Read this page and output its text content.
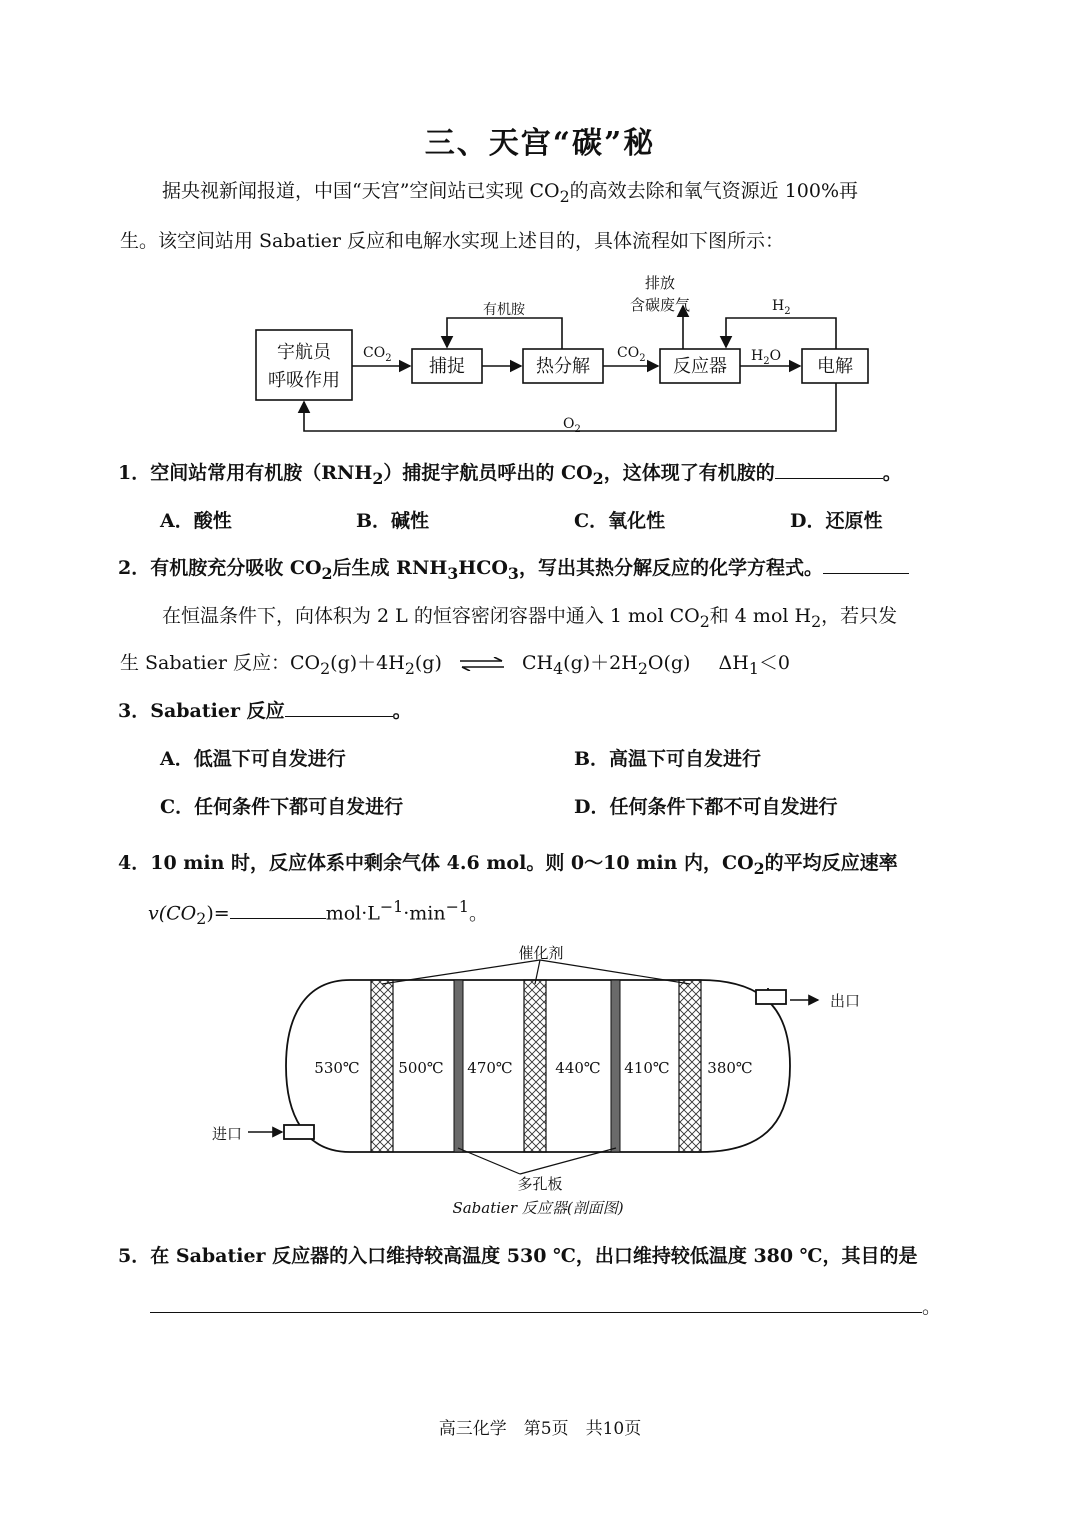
三、天宫“碳”秘
据央视新闻报道，中国“天宫”空间站已实现 $CO_2$的高效去除和氧气资源近 100%再
生。该空间站用 Sabatier 反应和电解水实现上述目的，具体流程如下图所示：
宇航员
呼吸作用
捕捉	热分解	反应器	电解
$CO_2$	$CO_2$	$H_2O$
有机胺
排放
含碳废气	$H_2$
$O_2$
1．空间站常用有机胺$(RNH_2)$捕捉宇航员呼出的 $CO_2$，这体现了有机胺的	。
A．酸性	B．碱性	C．氧化性	D．还原性
2．有机胺充分吸收 $CO_2$后生成 $RNH_3HCO_3$，写出其热分解反应的化学方程式。
在恒温条件下，向体积为 2 L 的恒容密闭容器中通入 1 mol $CO_2$和 4 mol $H_2$，若只发
生 Sabatier 反应：$CO_2(g)+4H_2(g)$ ⇌ $CH_4(g)+2H_2O(g)$ $\Delta H_1<0$
3．Sabatier 反应	。
A．低温下可自发进行	B．高温下可自发进行
C．任何条件下都可自发进行	D．任何条件下都不可自发进行
4．10 min 时，反应体系中剩余气体 4.6 mol。则 0～10 min 内，$CO_2$的平均反应速率
$v(CO_2)=$	$mol\cdot L^{-1}\cdot\min^{-1}$。
催化剂
出口
进口
多孔板
Sabatier 反应器(剖面图)
530℃	500℃ 470℃	440℃ 410℃	380℃
5．在 Sabatier 反应器的入口维持较高温度 530 ℃，出口维持较低温度 380 ℃，其目的是
。
高三化学　第5页　共10页
